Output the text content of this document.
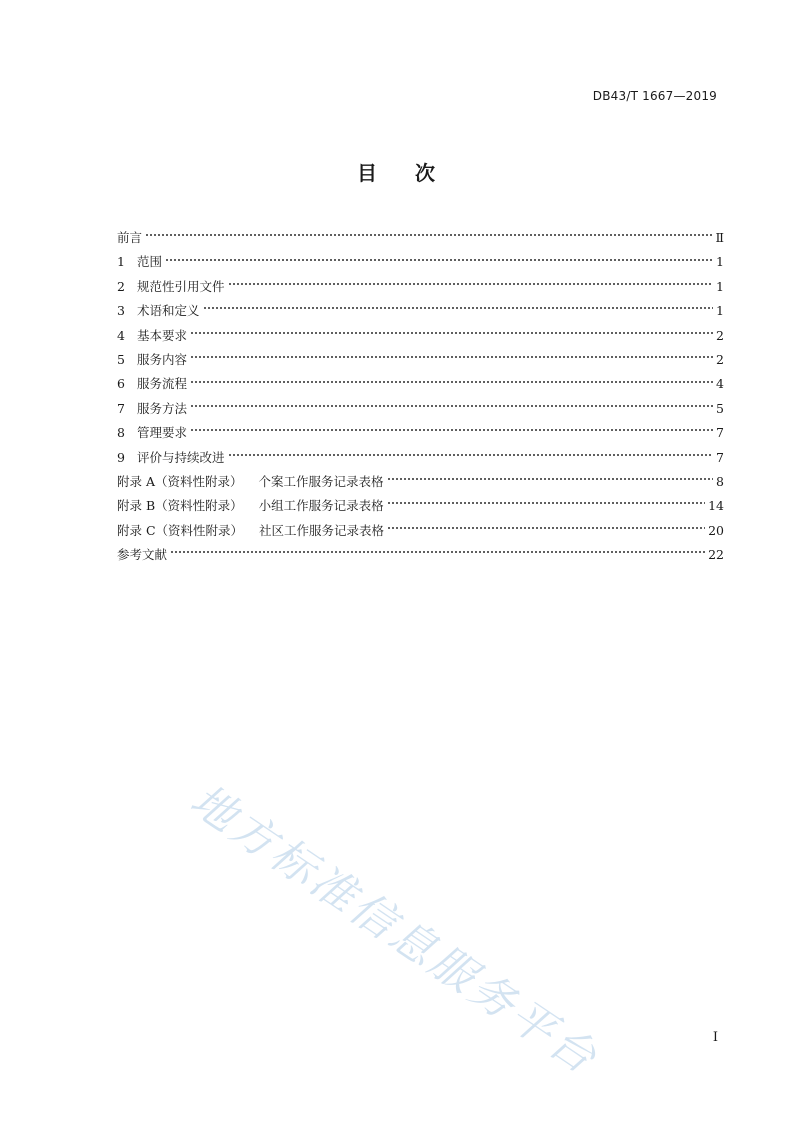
DB43/T 1667—2019
目次
前言	Ⅱ
1 范围	1
2 规范性引用文件	1
3 术语和定义	1
4 基本要求	2
5 服务内容	2
6 服务流程	4
7 服务方法	5
8 管理要求	7
9 评价与持续改进	7
附录 A（资料性附录） 个案工作服务记录表格	8
附录 B（资料性附录） 小组工作服务记录表格	14
附录 C（资料性附录） 社区工作服务记录表格	20
参考文献	22
地方标准信息服务平台	I
